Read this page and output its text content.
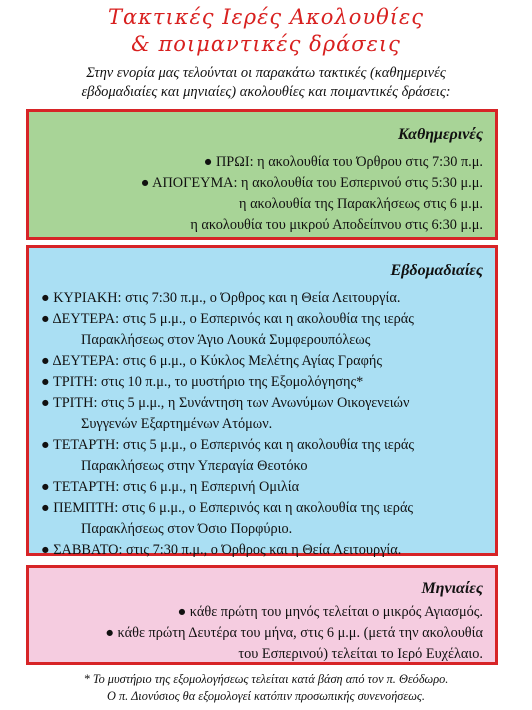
Τακτικές Ιερές Ακολουθίες
& ποιμαντικές δράσεις
Στην ενορία μας τελούνται οι παρακάτω τακτικές (καθημερινές
εβδομαδιαίες και μηνιαίες) ακολουθίες και ποιμαντικές δράσεις:
Καθημερινές
● ΠΡΩΙ: η ακολουθία του Όρθρου στις 7:30 π.μ.
● ΑΠΟΓΕΥΜΑ: η ακολουθία του Εσπερινού στις 5:30 μ.μ.
η ακολουθία της Παρακλήσεως στις 6 μ.μ.
η ακολουθία του μικρού Αποδείπνου στις 6:30 μ.μ.
Εβδομαδιαίες
● ΚΥΡΙΑΚΗ: στις 7:30 π.μ., ο Όρθρος και η Θεία Λειτουργία.
● ΔΕΥΤΕΡΑ: στις 5 μ.μ., ο Εσπερινός και η ακολουθία της ιεράς
Παρακλήσεως στον Άγιο Λουκά Συμφερουπόλεως
● ΔΕΥΤΕΡΑ: στις 6 μ.μ., ο Κύκλος Μελέτης Αγίας Γραφής
● ΤΡΙΤΗ: στις 10 π.μ., το μυστήριο της Εξομολόγησης*
● ΤΡΙΤΗ: στις 5 μ.μ., η Συνάντηση των Ανωνύμων Οικογενειών
Συγγενών Εξαρτημένων Ατόμων.
● ΤΕΤΑΡΤΗ: στις 5 μ.μ., ο Εσπερινός και η ακολουθία της ιεράς
Παρακλήσεως στην Υπεραγία Θεοτόκο
● ΤΕΤΑΡΤΗ: στις 6 μ.μ., η Εσπερινή Ομιλία
● ΠΕΜΠΤΗ: στις 6 μ.μ., ο Εσπερινός και η ακολουθία της ιεράς
Παρακλήσεως στον Όσιο Πορφύριο.
● ΣΑΒΒΑΤΟ: στις 7:30 π.μ., ο Όρθρος και η Θεία Λειτουργία.
Μηνιαίες
● κάθε πρώτη του μηνός τελείται ο μικρός Αγιασμός.
● κάθε πρώτη Δευτέρα του μήνα, στις 6 μ.μ. (μετά την ακολουθία
του Εσπερινού) τελείται το Ιερό Ευχέλαιο.
* Το μυστήριο της εξομολογήσεως τελείται κατά βάση από τον π. Θεόδωρο.
Ο π. Διονύσιος θα εξομολογεί κατόπιν προσωπικής συνενοήσεως.
